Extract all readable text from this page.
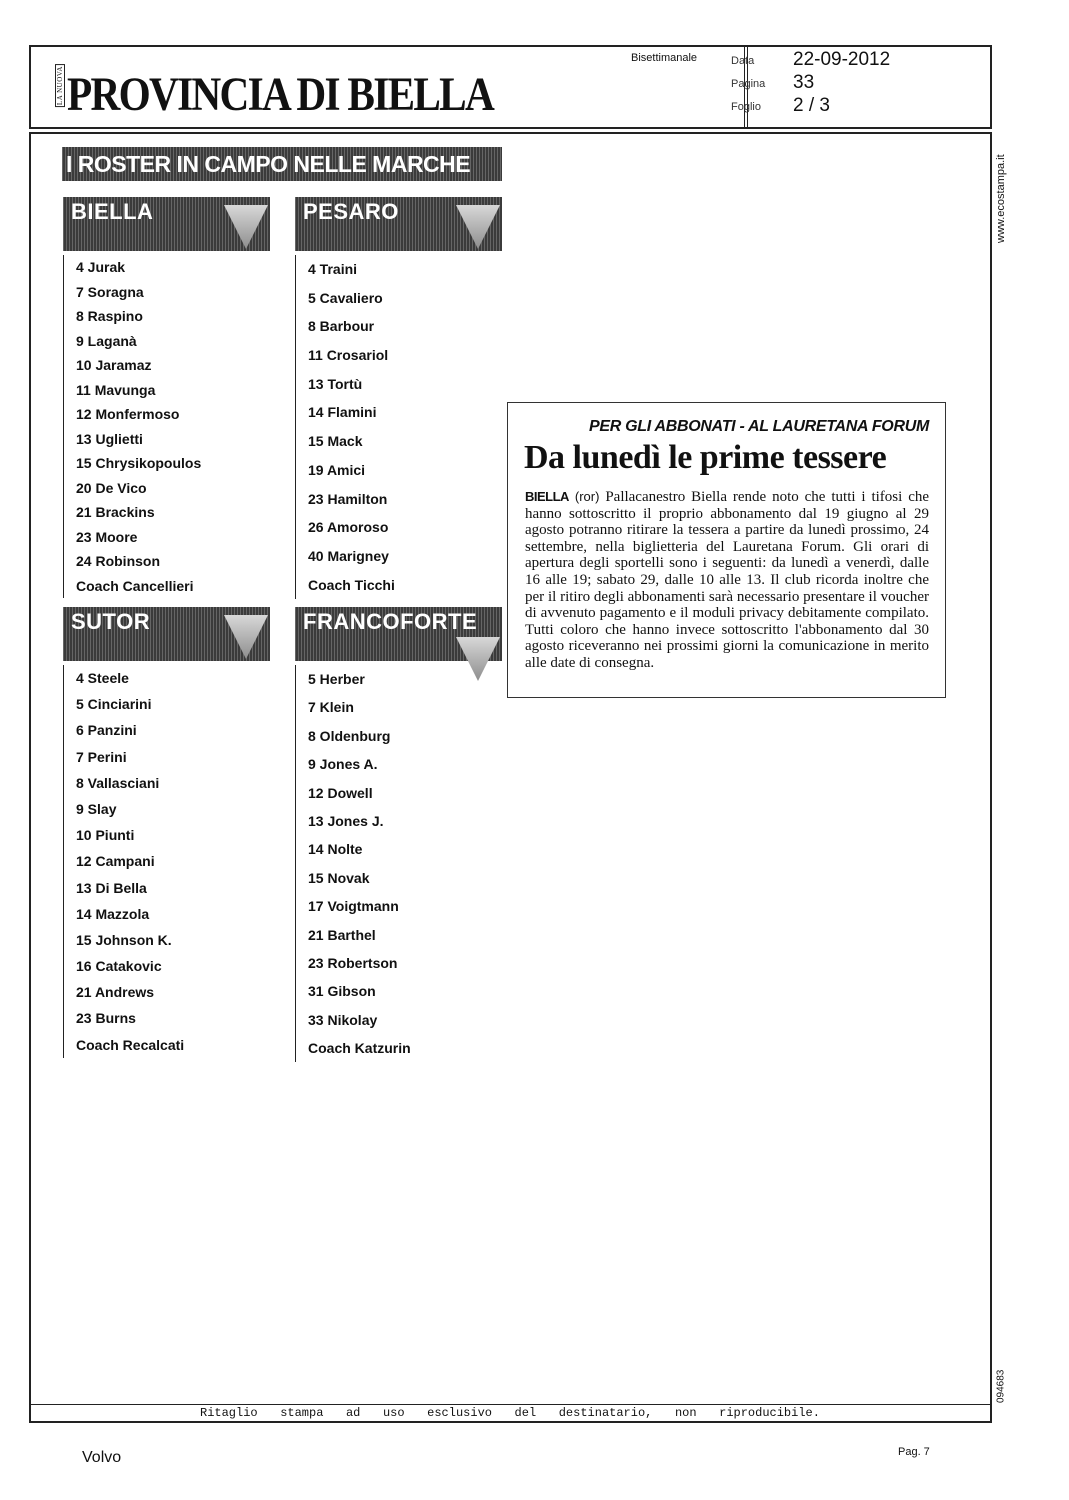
LA NUOVA PROVINCIA DI BIELLA
Bisettimanale	Data 22-09-2012
Pagina 33
Foglio 2 / 3
www.ecostampa.it
094683
I ROSTER IN CAMPO NELLE MARCHE
BIELLA
4 Jurak
7 Soragna
8 Raspino
9 Laganà
10 Jaramaz
11 Mavunga
12 Monfermoso
13 Uglietti
15 Chrysikopoulos
20 De Vico
21 Brackins
23 Moore
24 Robinson
Coach Cancellieri
PESARO
4 Traini
5 Cavaliero
8 Barbour
11 Crosariol
13 Tortù
14 Flamini
15 Mack
19 Amici
23 Hamilton
26 Amoroso
40 Marigney
Coach Ticchi
SUTOR
4 Steele
5 Cinciarini
6 Panzini
7 Perini
8 Vallasciani
9 Slay
10 Piunti
12 Campani
13 Di Bella
14 Mazzola
15 Johnson K.
16 Catakovic
21 Andrews
23 Burns
Coach Recalcati
FRANCOFORTE
5 Herber
7 Klein
8 Oldenburg
9 Jones A.
12 Dowell
13 Jones J.
14 Nolte
15 Novak
17 Voigtmann
21 Barthel
23 Robertson
31 Gibson
33 Nikolay
Coach Katzurin
PER GLI ABBONATI - AL LAURETANA FORUM
Da lunedì le prime tessere
BIELLA (ror) Pallacanestro Biella rende noto che tutti i tifosi che hanno sottoscritto il proprio abbonamento dal 19 giugno al 29 agosto potranno ritirare la tessera a partire da lunedì prossimo, 24 settembre, nella biglietteria del Lauretana Forum. Gli orari di apertura degli sportelli sono i seguenti: da lunedì a venerdì, dalle 16 alle 19; sabato 29, dalle 10 alle 13. Il club ricorda inoltre che per il ritiro degli abbonamenti sarà necessario presentare il voucher di avvenuto pagamento e il moduli privacy debitamente compilato. Tutti coloro che hanno invece sottoscritto l'abbonamento dal 30 agosto riceveranno nei prossimi giorni la comunicazione in merito alle date di consegna.
Ritaglio stampa ad uso esclusivo del destinatario, non riproducibile.
Volvo	Pag. 7
